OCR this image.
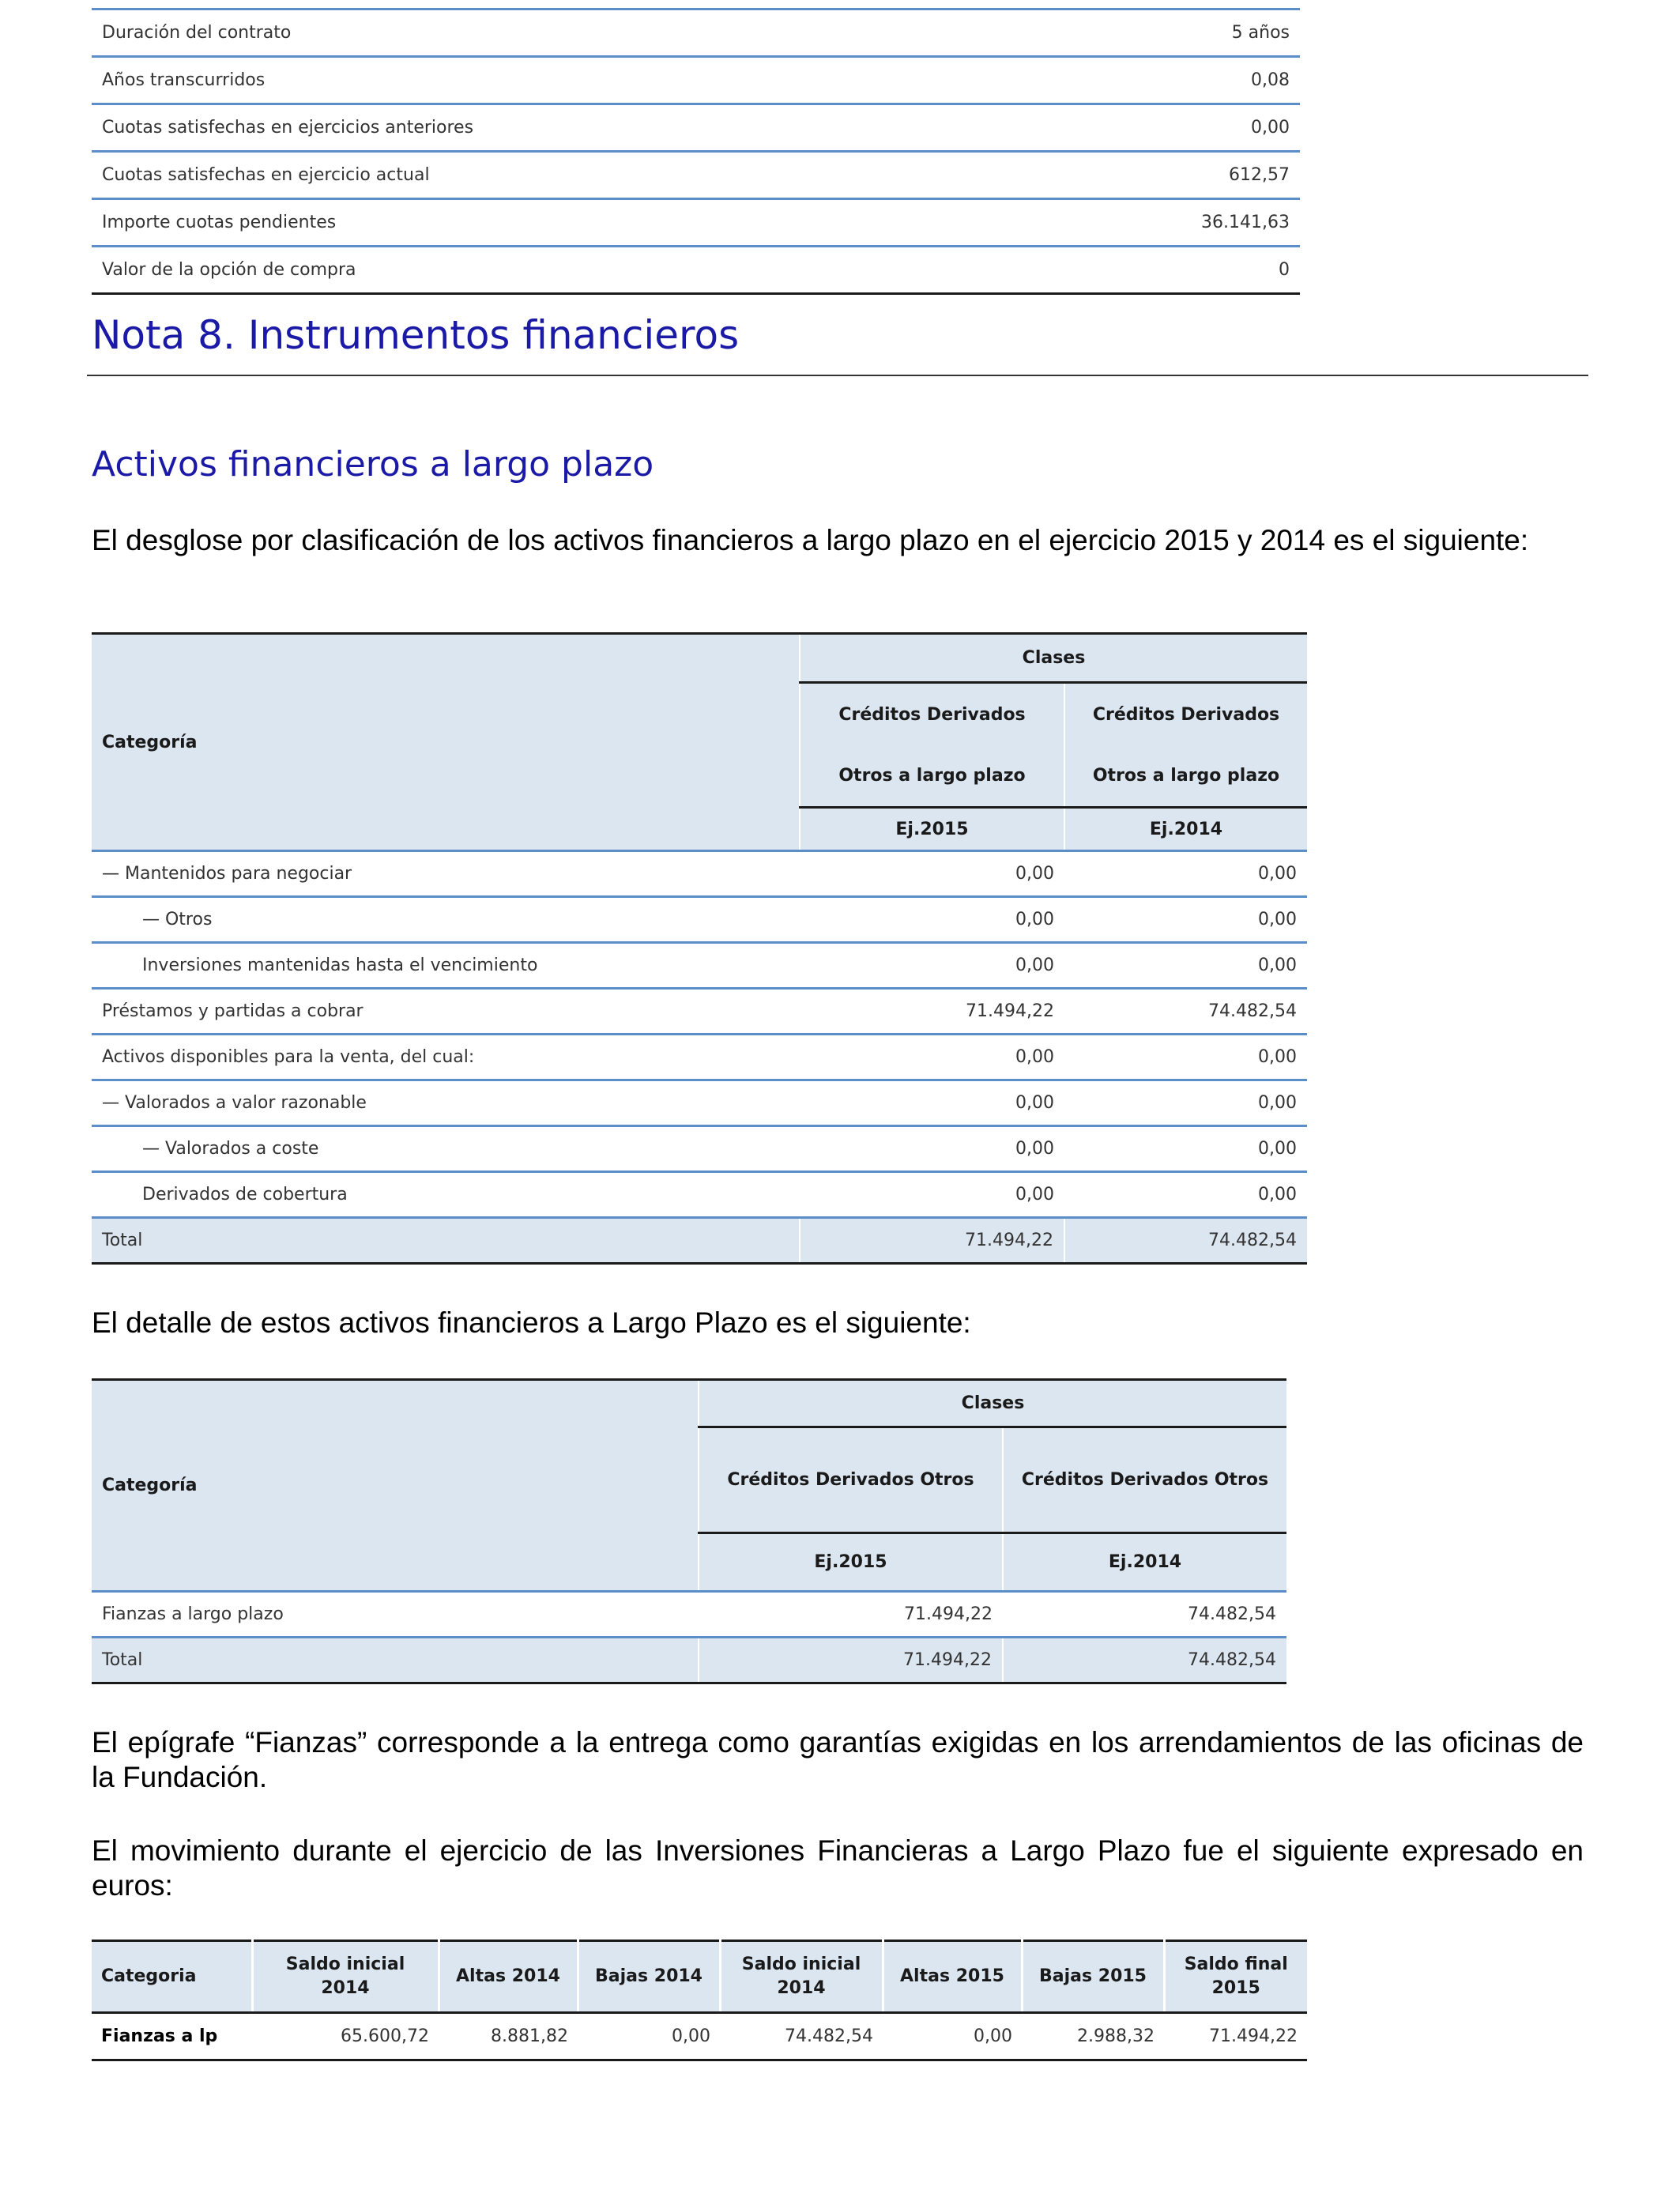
Duración del contrato	5 años
Años transcurridos	0,08
Cuotas satisfechas en ejercicios anteriores	0,00
Cuotas satisfechas en ejercicio actual	612,57
Importe cuotas pendientes	36.141,63
Valor de la opción de compra	0
Nota 8. Instrumentos financieros
Activos financieros a largo plazo

El desglose por clasificación de los activos financieros a largo plazo en el ejercicio 2015 y 2014 es el siguiente:

Categoría	Clases	
	Créditos Derivados	Créditos Derivados
	Otros a largo plazo	Otros a largo plazo
	Ej.2015	Ej.2014
— Mantenidos para negociar	0,00	0,00
— Otros	0,00	0,00
Inversiones mantenidas hasta el vencimiento	0,00	0,00
Préstamos y partidas a cobrar	71.494,22	74.482,54
Activos disponibles para la venta, del cual:	0,00	0,00
— Valorados a valor razonable	0,00	0,00
— Valorados a coste	0,00	0,00
Derivados de cobertura	0,00	0,00
Total	71.494,22	74.482,54

El detalle de estos activos financieros a Largo Plazo es el siguiente:

Categoría	Clases	
	Créditos Derivados Otros	Créditos Derivados Otros
	Ej.2015	Ej.2014
Fianzas a largo plazo	71.494,22	74.482,54
Total	71.494,22	74.482,54

El epígrafe “Fianzas” corresponde a la entrega como garantías exigidas en los arrendamientos de las oficinas de la Fundación.

El movimiento durante el ejercicio de las Inversiones Financieras a Largo Plazo fue el siguiente expresado en euros:

Categoria	Saldo inicial 2014	Altas 2014	Bajas 2014	Saldo inicial 2014	Altas 2015	Bajas 2015	Saldo final 2015
Fianzas a lp	65.600,72	8.881,82	0,00	74.482,54	0,00	2.988,32	71.494,22
